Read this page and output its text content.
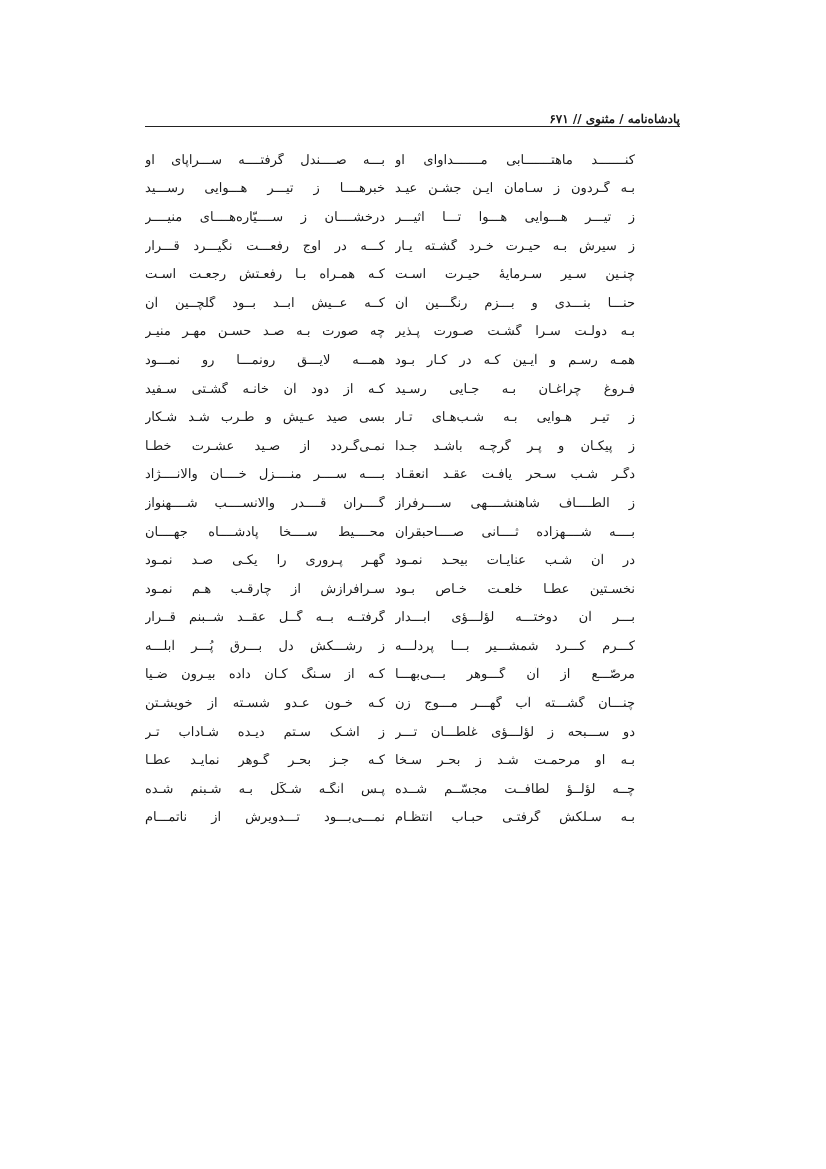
پادشاه‌نامه / مثنوی // ۶۷۱
کنـــــــد ماهتـــــــابی مـــــــداوای او
بـــه صــــندل گرفتــــه ســـراپای او
بـه گـردون ز سـامان ایـن جشـن عیـد
خبرهــــا ز تیـــر هـــوایی رســـید
ز تیـــر هـــوایی هـــوا تـــا اثیـــر
درخشــــان ز ســــیّاره‌هــــای منیــــر
ز سیرش بـه حیـرت خـرد گشـته یـار
کـــه در اوج رفعـــت نگیـــرد قـــرار
چنـین سـیر سـرمایۀ حیـرت اسـت
کـه همـراه بـا رفعـتش رجعـت اسـت
حنـــا بنـــدی و بـــزم رنگـــین آن
کــه عــیش ابــد بــود گلچــین آن
بـه دولـت سـرا گشـت صـورت پـذیر
چه صورت بـه صـد حسـن مهـر منیـر
همـه رسـم و آیـین کـه در کـار بـود
همـــه لایـــق رونمـــا رو نمـــود
فـروغ چراغـان بـه جـایی رسـید
کـه از دود آن خانـه گشـتی سـفید
ز تیـر هـوایی بـه شـب‌هـای تـار
بسی صید عـیش و طـرب شـد شـکار
ز پیکـان و پـر گرچـه باشـد جـدا
نمـی‌گـردد از صـید عشـرت خطـا
دگـر شـب سـحر یافـت عقـد انعقـاد
بــــه ســــر منــــزل خــــان والانــــژاد
ز الطــــاف شاهنشــــهی ســــرفراز
گــــران قــــدر والانســــب شــــهنواز
بــــه شــــهزاده ثــــانی صــــاحبقران
محــــیط ســــخا پادشــــاه جهــــان
در آن شـب عنایـات بیحـد نمـود
گهـر پـروری را یکـی صـد نمـود
نخسـتین عطـا خلعـت خـاص بـود
سـرافرازش از چارقـب هـم نمـود
بـــر آن دوختـــه لؤلـــؤی آبـــدار
گرفتــه بــه گــل عقــد شــبنم قــرار
کـــرم کـــرد شمشـــیر بـــا پردلـــه
ز رشـــکش دل بـــرق پُـــر آبلـــه
مرصّـــع از آن گـــوهر بـــی‌بهـــا
کـه از سـنگ کـان داده بیـرون ضـیا
چنـــان گشـــته آب گهـــر مـــوج زن
کـه خـون عـدو شسـته از خویشـتن
دو ســـبحه ز لؤلـــؤی غلطـــان تـــر
ز اشـک سـتم دیـده شـاداب تـر
بـه او مرحمـت شـد ز بحـر سـخا
کـه جـز بحـر گـوهر نمایـد عطـا
چــه لؤلــؤ لطافــت مجسّــم شــده
پـس آنگـه شـکّل بـه شـبنم شـده
بـه سـلکش گرفتـی حبـاب انتظـام
نمـــی‌بـــود تـــدویرش از ناتمـــام
